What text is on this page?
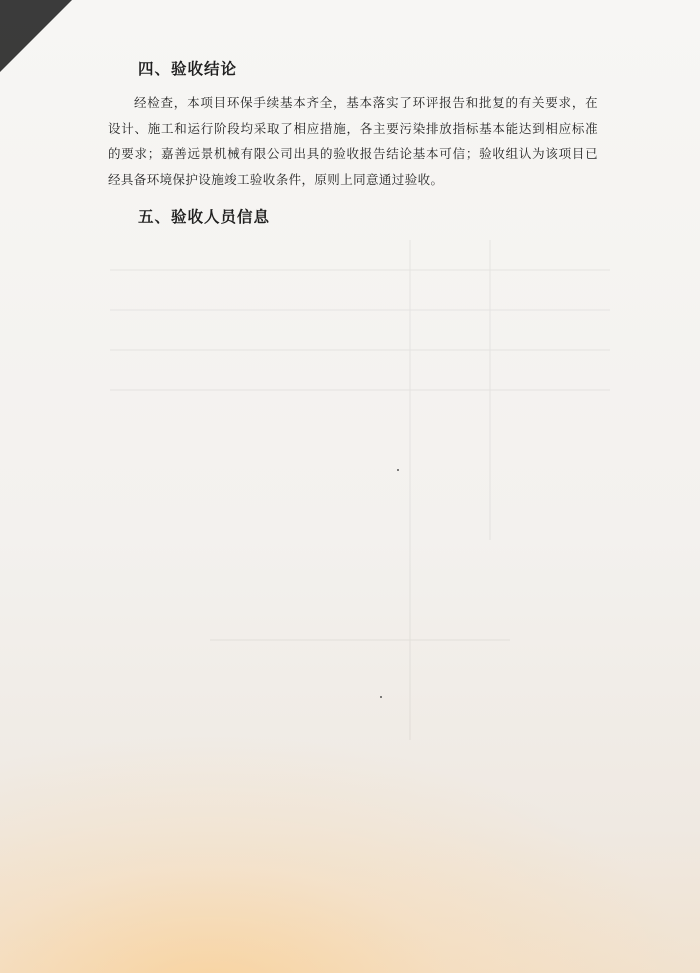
四、验收结论
经检查，本项目环保手续基本齐全，基本落实了环评报告和批复的有关要求，在设计、施工和运行阶段均采取了相应措施，各主要污染排放指标基本能达到相应标准的要求；嘉善远景机械有限公司出具的验收报告结论基本可信；验收组认为该项目已经具备环境保护设施竣工验收条件，原则上同意通过验收。
五、验收人员信息
